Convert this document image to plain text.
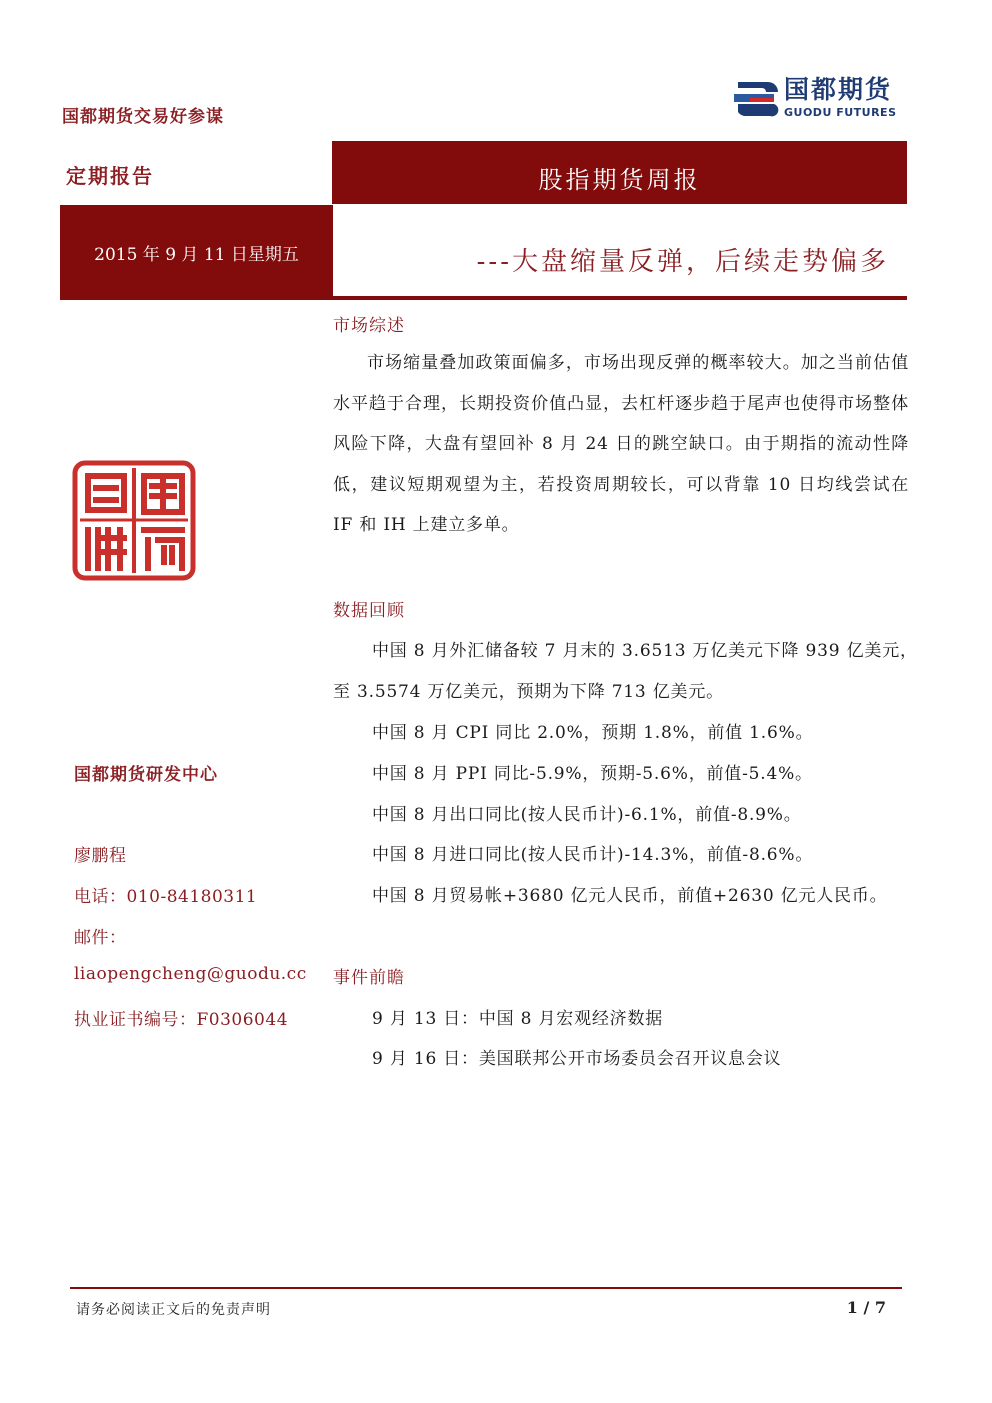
国都期货交易好参谋
国都期货
GUODU FUTURES
定期报告	股指期货周报
2015 年 9 月 11 日星期五	---大盘缩量反弹，后续走势偏多
国都期货研发中心
廖鹏程
电话：010-84180311
邮件：
liaopengcheng@guodu.cc
执业证书编号：F0306044
市场综述
市场缩量叠加政策面偏多，市场出现反弹的概率较大。加之当前估值水平趋于合理，长期投资价值凸显，去杠杆逐步趋于尾声也使得市场整体风险下降，大盘有望回补 8 月 24 日的跳空缺口。由于期指的流动性降低，建议短期观望为主，若投资周期较长，可以背靠 10 日均线尝试在 IF 和 IH 上建立多单。
数据回顾
中国 8 月外汇储备较 7 月末的 3.6513 万亿美元下降 939 亿美元，
至 3.5574 万亿美元，预期为下降 713 亿美元。
中国 8 月 CPI 同比 2.0%，预期 1.8%，前值 1.6%。
中国 8 月 PPI 同比-5.9%，预期-5.6%，前值-5.4%。
中国 8 月出口同比(按人民币计)-6.1%，前值-8.9%。
中国 8 月进口同比(按人民币计)-14.3%，前值-8.6%。
中国 8 月贸易帐+3680 亿元人民币，前值+2630 亿元人民币。
事件前瞻
9 月 13 日：中国 8 月宏观经济数据
9 月 16 日：美国联邦公开市场委员会召开议息会议
请务必阅读正文后的免责声明	1 / 7
